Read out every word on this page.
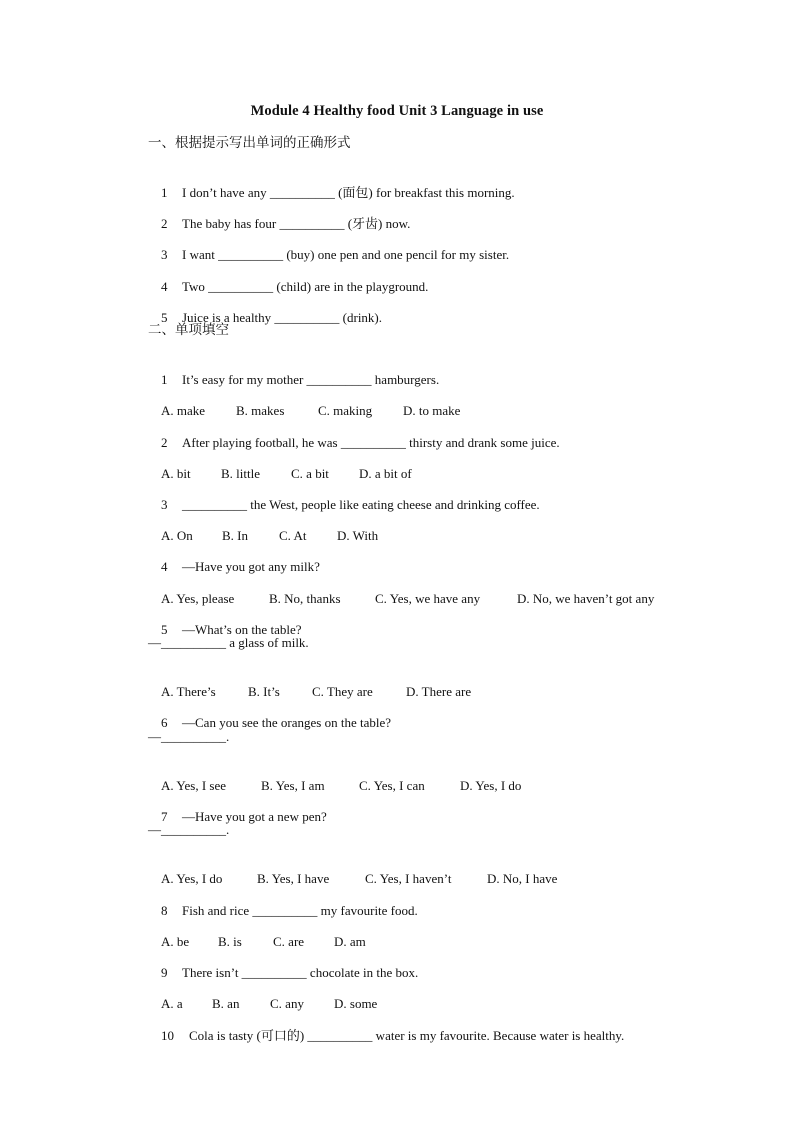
Module 4 Healthy food Unit 3 Language in use
一、根据提示写出单词的正确形式

1 I don’t have any __________ (面包) for breakfast this morning.

2 The baby has four __________ (牙齿) now.

3 I want __________ (buy) one pen and one pencil for my sister.

4 Two __________ (child) are in the playground.

5 Juice is a healthy __________ (drink).

二、单项填空

1 It’s easy for my mother __________ hamburgers.

A. make B. makes	C. making D. to make

2 After playing football, he was __________ thirsty and drank some juice.

A. bit B. little C. a bit D. a bit of

3 __________ the West, people like eating cheese and drinking coffee.

A. On B. In C. At D. With

4 —Have you got any milk?

A. Yes, please	B. No, thanks	C. Yes, we have any	D. No, we haven’t got any

5 —What’s on the table?

—__________ a glass of milk.

A. There’s B. It’s C. They are	D. There are

6 —Can you see the oranges on the table?

—__________.

A. Yes, I see	B. Yes, I am	C. Yes, I can	D. Yes, I do

7 —Have you got a new pen?

—__________.

A. Yes, I do	B. Yes, I have	C. Yes, I haven’t	D. No, I have

8 Fish and rice __________ my favourite food.

A. be B. is C. are D. am

9 There isn’t __________ chocolate in the box.

A. a B. an C. any D. some

10 Cola is tasty (可口的) __________ water is my favourite. Because water is healthy.
